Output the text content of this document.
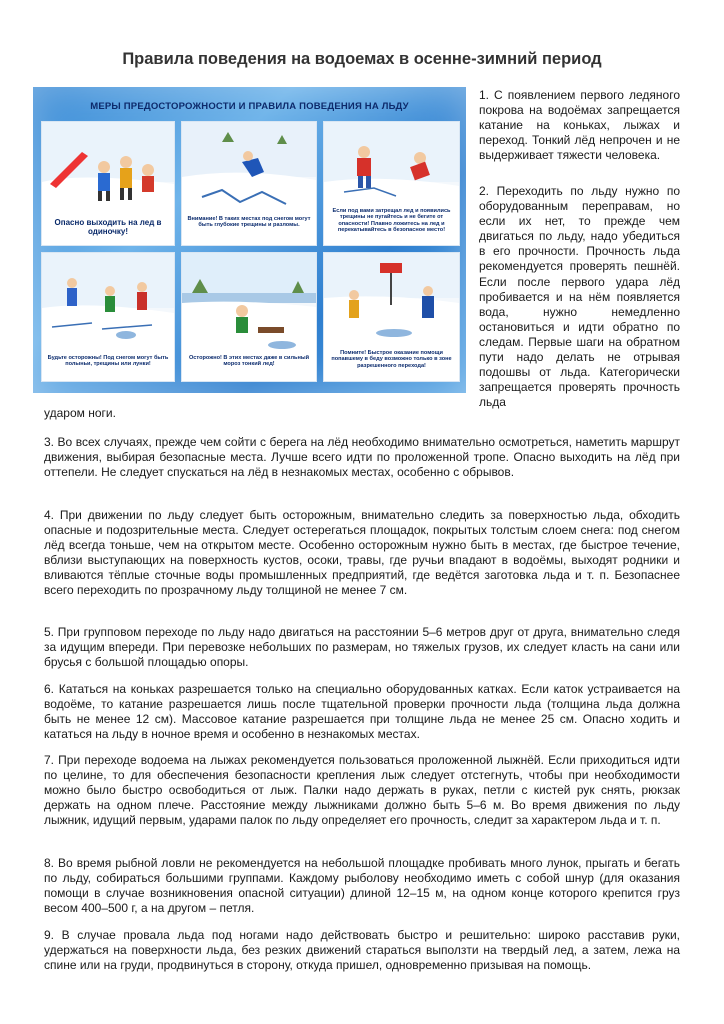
Правила поведения на водоемах в осенне-зимний период
МЕРЫ ПРЕДОСТОРОЖНОСТИ И ПРАВИЛА ПОВЕДЕНИЯ НА ЛЬДУ
Опасно выходить на лед в одиночку!
Внимание! В таких местах под снегом могут быть глубокие трещины и разломы.
Если под вами затрещал лед и появились трещины не пугайтесь и не бегите от опасности! Плавно ложитесь на лед и перекатывайтесь в безопасное место!
Будьте осторожны! Под снегом могут быть полыньи, трещины или лунки!
Осторожно! В этих местах даже в сильный мороз тонкий лед!
Помните! Быстрое оказание помощи попавшему в беду возможно только в зоне разрешенного перехода!

1. С появлением первого ледяного покрова на водоёмах запрещается катание на коньках, лыжах и переход. Тонкий лёд непрочен и не выдерживает тяжести человека.

2. Переходить по льду нужно по оборудованным переправам, но если их нет, то прежде чем двигаться по льду, надо убедиться в его прочности. Прочность льда рекомендуется проверять пешнёй. Если после первого удара лёд пробивается и на нём появляется вода, нужно немедленно остановиться и идти обратно по следам. Первые шаги на обратном пути надо делать не отрывая подошвы от льда. Категорически запрещается проверять прочность льда

ударом ноги.

3. Во всех случаях, прежде чем сойти с берега на лёд необходимо внимательно осмотреться, наметить маршрут движения, выбирая безопасные места. Лучше всего идти по проложенной тропе. Опасно выходить на лёд при оттепели. Не следует спускаться на лёд в незнакомых местах, особенно с обрывов.

4. При движении по льду следует быть осторожным, внимательно следить за поверхностью льда, обходить опасные и подозрительные места. Следует остерегаться площадок, покрытых толстым слоем снега: под снегом лёд всегда тоньше, чем на открытом месте. Особенно осторожным нужно быть в местах, где быстрое течение, вблизи выступающих на поверхность кустов, осоки, травы, где ручьи впадают в водоёмы, выходят родники и вливаются тёплые сточные воды промышленных предприятий, где ведётся заготовка льда и т. п. Безопаснее всего переходить по прозрачному льду толщиной не менее 7 см.

5. При групповом переходе по льду надо двигаться на расстоянии 5–6 метров друг от друга, внимательно следя за идущим впереди. При перевозке небольших по размерам, но тяжелых грузов, их следует класть на сани или брусья с большой площадью опоры.

6. Кататься на коньках разрешается только на специально оборудованных катках. Если каток устраивается на водоёме, то катание разрешается лишь после тщательной проверки прочности льда (толщина льда должна быть не менее 12 см). Массовое катание разрешается при толщине льда не менее 25 см. Опасно ходить и кататься на льду в ночное время и особенно в незнакомых местах.

7. При переходе водоема на лыжах рекомендуется пользоваться проложенной лыжнёй. Если приходиться идти по целине, то для обеспечения безопасности крепления лыж следует отстегнуть, чтобы при необходимости можно было быстро освободиться от лыж. Палки надо держать в руках, петли с кистей рук снять, рюкзак держать на одном плече. Расстояние между лыжниками должно быть 5–6 м. Во время движения по льду лыжник, идущий первым, ударами палок по льду определяет его прочность, следит за характером льда и т. п.

8. Во время рыбной ловли не рекомендуется на небольшой площадке пробивать много лунок, прыгать и бегать по льду, собираться большими группами. Каждому рыболову необходимо иметь с собой шнур (для оказания помощи в случае возникновения опасной ситуации) длиной 12–15 м, на одном конце которого крепится груз весом 400–500 г, а на другом – петля.

9. В случае провала льда под ногами надо действовать быстро и решительно: широко расставив руки, удержаться на поверхности льда, без резких движений стараться выползти на твердый лед, а затем, лежа на спине или на груди, продвинуться в сторону, откуда пришел, одновременно призывая на помощь.
